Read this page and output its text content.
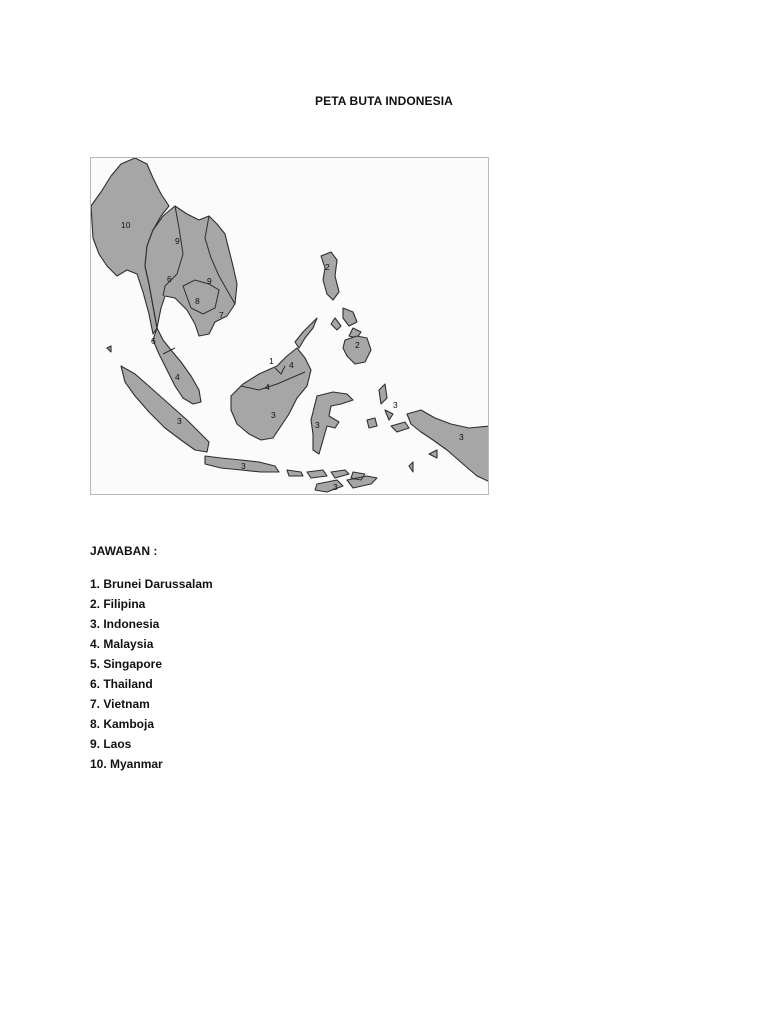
PETA BUTA INDONESIA
10
9
6	9
8
7
6
4
3
1 4
4
3
3
3
3
3
3
2
2
JAWABAN :
1. Brunei Darussalam
2. Filipina
3. Indonesia
4. Malaysia
5. Singapore
6. Thailand
7. Vietnam
8. Kamboja
9. Laos
10. Myanmar
